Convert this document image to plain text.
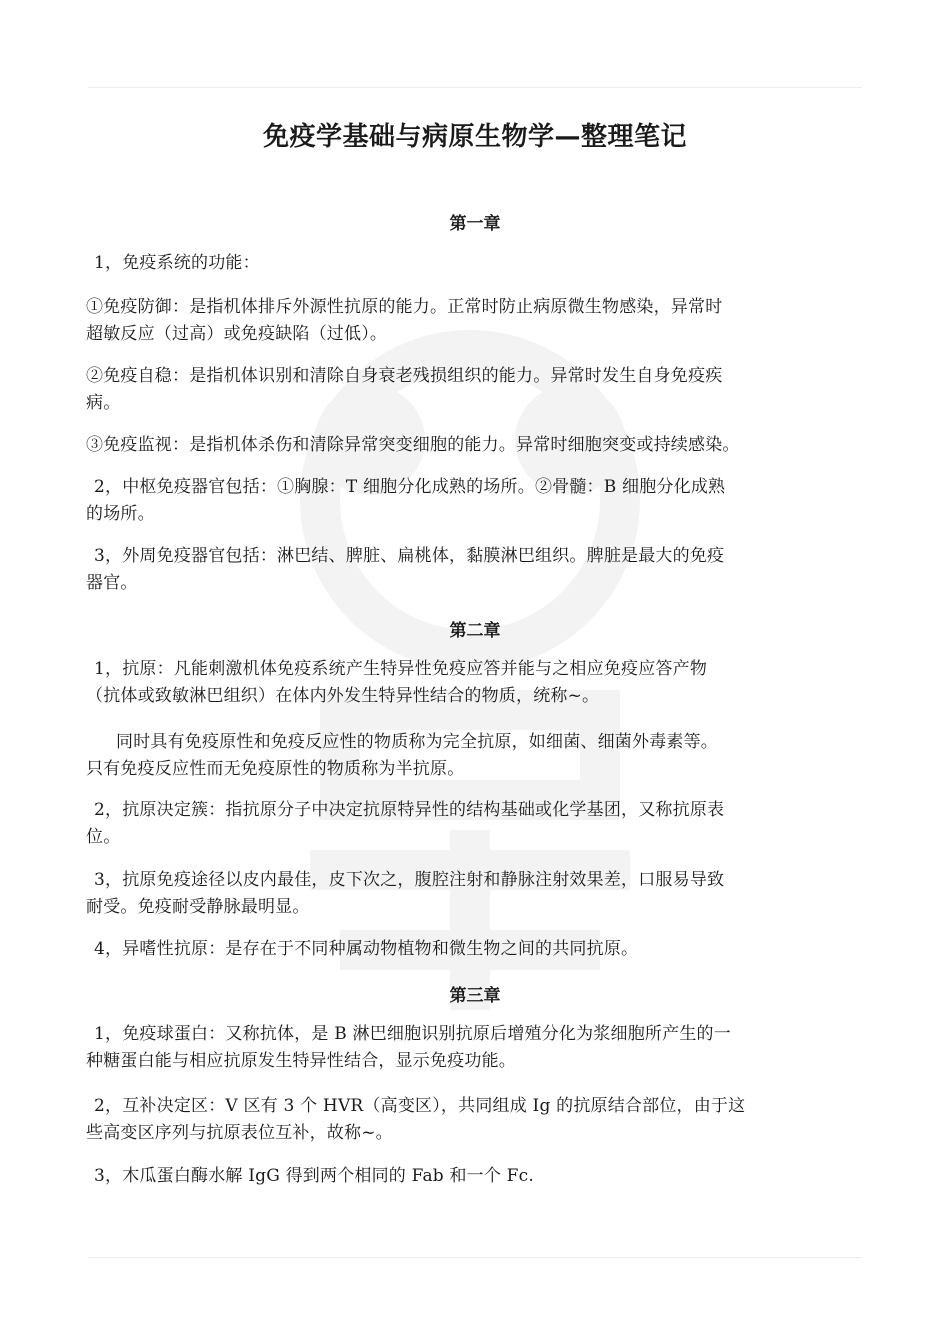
免疫学基础与病原生物学—整理笔记
第一章
1，免疫系统的功能：
①免疫防御：是指机体排斥外源性抗原的能力。正常时防止病原微生物感染，异常时
超敏反应（过高）或免疫缺陷（过低）。
②免疫自稳：是指机体识别和清除自身衰老残损组织的能力。异常时发生自身免疫疾
病。
③免疫监视：是指机体杀伤和清除异常突变细胞的能力。异常时细胞突变或持续感染。
2，中枢免疫器官包括：①胸腺：T 细胞分化成熟的场所。②骨髓：B 细胞分化成熟
的场所。
3，外周免疫器官包括：淋巴结、脾脏、扁桃体，黏膜淋巴组织。脾脏是最大的免疫
器官。
第二章
1，抗原：凡能刺激机体免疫系统产生特异性免疫应答并能与之相应免疫应答产物
（抗体或致敏淋巴组织）在体内外发生特异性结合的物质，统称~。
同时具有免疫原性和免疫反应性的物质称为完全抗原，如细菌、细菌外毒素等。
只有免疫反应性而无免疫原性的物质称为半抗原。
2，抗原决定簇：指抗原分子中决定抗原特异性的结构基础或化学基团，又称抗原表
位。
3，抗原免疫途径以皮内最佳，皮下次之，腹腔注射和静脉注射效果差，口服易导致
耐受。免疫耐受静脉最明显。
4，异嗜性抗原：是存在于不同种属动物植物和微生物之间的共同抗原。
第三章
1，免疫球蛋白：又称抗体，是 B 淋巴细胞识别抗原后增殖分化为浆细胞所产生的一
种糖蛋白能与相应抗原发生特异性结合，显示免疫功能。
2，互补决定区：V 区有 3 个 HVR（高变区），共同组成 Ig 的抗原结合部位，由于这
些高变区序列与抗原表位互补，故称~。
3，木瓜蛋白酶水解 IgG 得到两个相同的 Fab 和一个 Fc.
